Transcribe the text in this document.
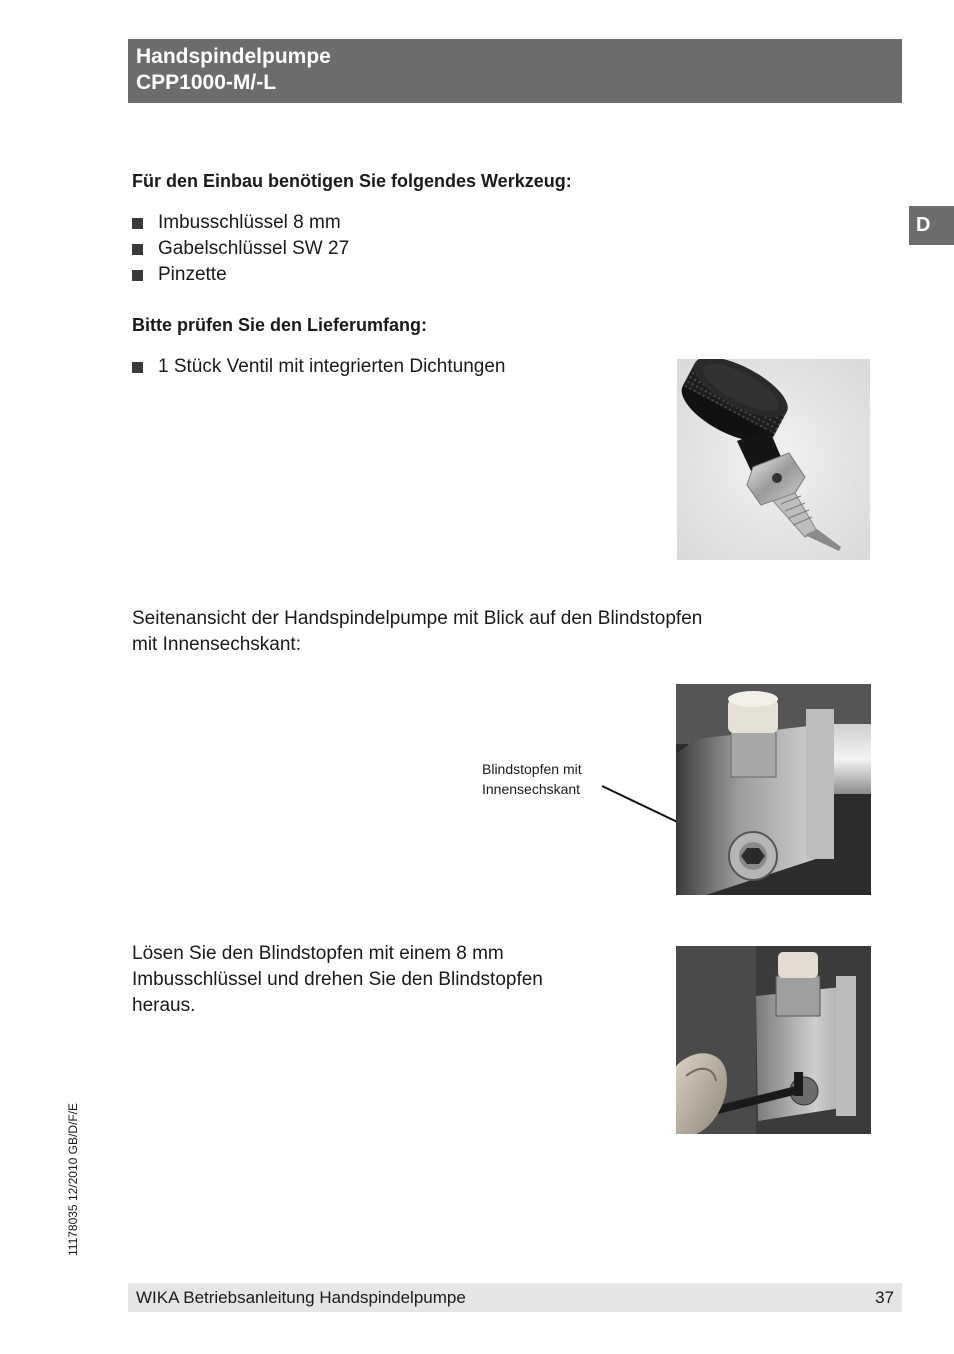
Handspindelpumpe
CPP1000-M/-L
D
Für den Einbau benötigen Sie folgendes Werkzeug:
Imbusschlüssel 8 mm
Gabelschlüssel SW 27
Pinzette
Bitte prüfen Sie den Lieferumfang:
1 Stück Ventil mit integrierten Dichtungen
Seitenansicht der Handspindelpumpe mit Blick auf den Blindstopfen
mit Innensechskant:
Blindstopfen mit
Innensechskant
Lösen Sie den Blindstopfen mit einem 8 mm
Imbusschlüssel und drehen Sie den Blindstopfen
heraus.
11178035 12/2010 GB/D/F/E
WIKA Betriebsanleitung Handspindelpumpe	37
